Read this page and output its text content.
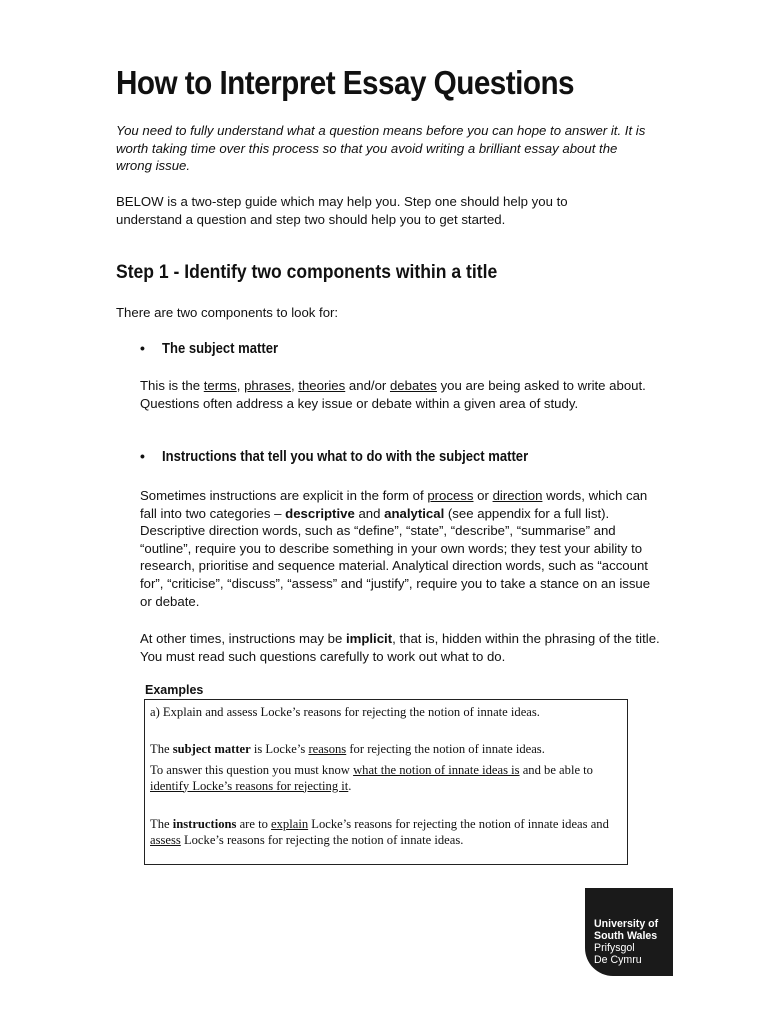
How to Interpret Essay Questions

You need to fully understand what a question means before you can hope to answer it. It is worth taking time over this process so that you avoid writing a brilliant essay about the wrong issue.

BELOW is a two-step guide which may help you. Step one should help you to understand a question and step two should help you to get started.

Step 1 - Identify two components within a title

There are two components to look for:

• The subject matter

This is the terms, phrases, theories and/or debates you are being asked to write about. Questions often address a key issue or debate within a given area of study.

• Instructions that tell you what to do with the subject matter

Sometimes instructions are explicit in the form of process or direction words, which can fall into two categories – descriptive and analytical (see appendix for a full list). Descriptive direction words, such as “define”, “state”, “describe”, “summarise” and “outline”, require you to describe something in your own words; they test your ability to research, prioritise and sequence material. Analytical direction words, such as “account for”, “criticise”, “discuss”, “assess” and “justify”, require you to take a stance on an issue or debate.

At other times, instructions may be implicit, that is, hidden within the phrasing of the title. You must read such questions carefully to work out what to do.

Examples

a) Explain and assess Locke’s reasons for rejecting the notion of innate ideas.

The subject matter is Locke’s reasons for rejecting the notion of innate ideas.

To answer this question you must know what the notion of innate ideas is and be able to identify Locke’s reasons for rejecting it.

The instructions are to explain Locke’s reasons for rejecting the notion of innate ideas and assess Locke’s reasons for rejecting the notion of innate ideas.

University of
South Wales
Prifysgol
De Cymru
